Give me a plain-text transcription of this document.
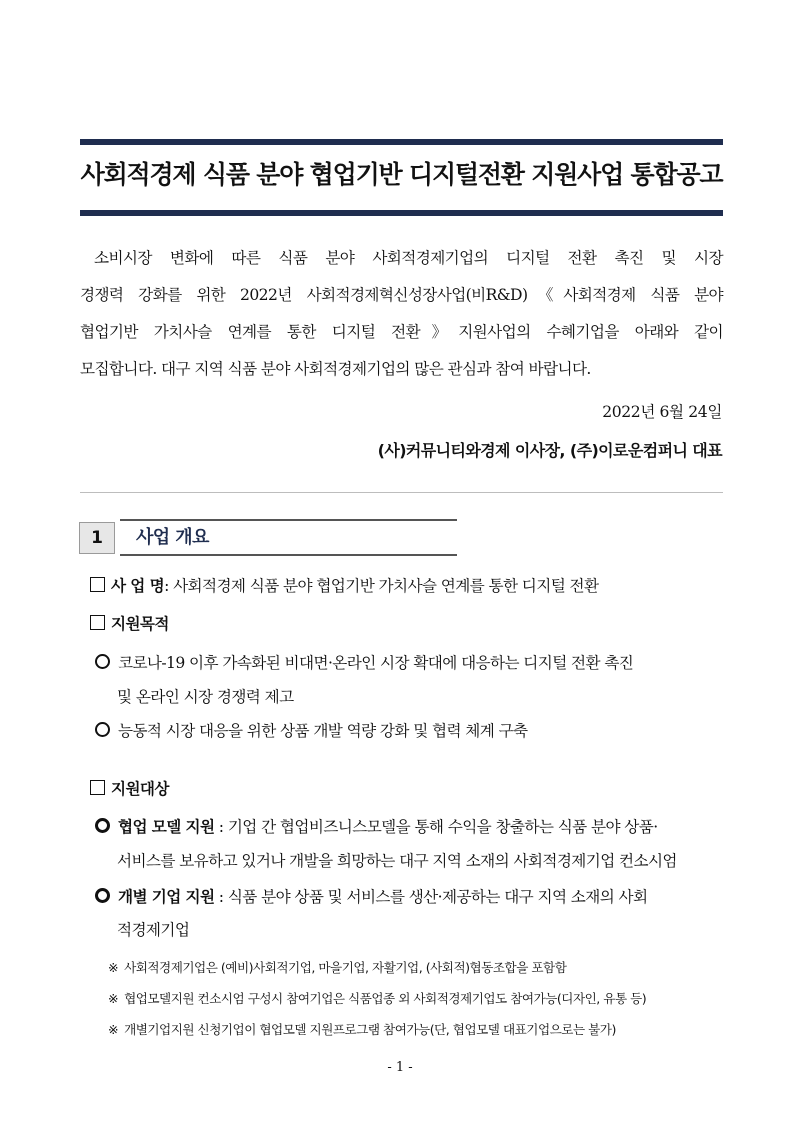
사회적경제 식품 분야 협업기반 디지털전환 지원사업 통합공고
소비시장 변화에 따른 식품 분야 사회적경제기업의 디지털 전환 촉진 및 시장
경쟁력 강화를 위한 2022년 사회적경제혁신성장사업(비R&D)《사회적경제 식품 분야
협업기반 가치사슬 연계를 통한 디지털 전환》지원사업의 수혜기업을 아래와 같이
모집합니다. 대구 지역 식품 분야 사회적경제기업의 많은 관심과 참여 바랍니다.
2022년 6월 24일
(사)커뮤니티와경제 이사장, (주)이로운컴퍼니 대표
1	사업 개요
사 업 명: 사회적경제 식품 분야 협업기반 가치사슬 연계를 통한 디지털 전환
지원목적
코로나-19 이후 가속화된 비대면·온라인 시장 확대에 대응하는 디지털 전환 촉진
및 온라인 시장 경쟁력 제고
능동적 시장 대응을 위한 상품 개발 역량 강화 및 협력 체계 구축
지원대상
협업 모델 지원 : 기업 간 협업비즈니스모델을 통해 수익을 창출하는 식품 분야 상품·
서비스를 보유하고 있거나 개발을 희망하는 대구 지역 소재의 사회적경제기업 컨소시엄
개별 기업 지원 : 식품 분야 상품 및 서비스를 생산·제공하는 대구 지역 소재의 사회
적경제기업
※ 사회적경제기업은 (예비)사회적기업, 마을기업, 자활기업, (사회적)협동조합을 포함함
※ 협업모델지원 컨소시엄 구성시 참여기업은 식품업종 외 사회적경제기업도 참여가능(디자인, 유통 등)
※ 개별기업지원 신청기업이 협업모델 지원프로그램 참여가능(단, 협업모델 대표기업으로는 불가)
- 1 -
